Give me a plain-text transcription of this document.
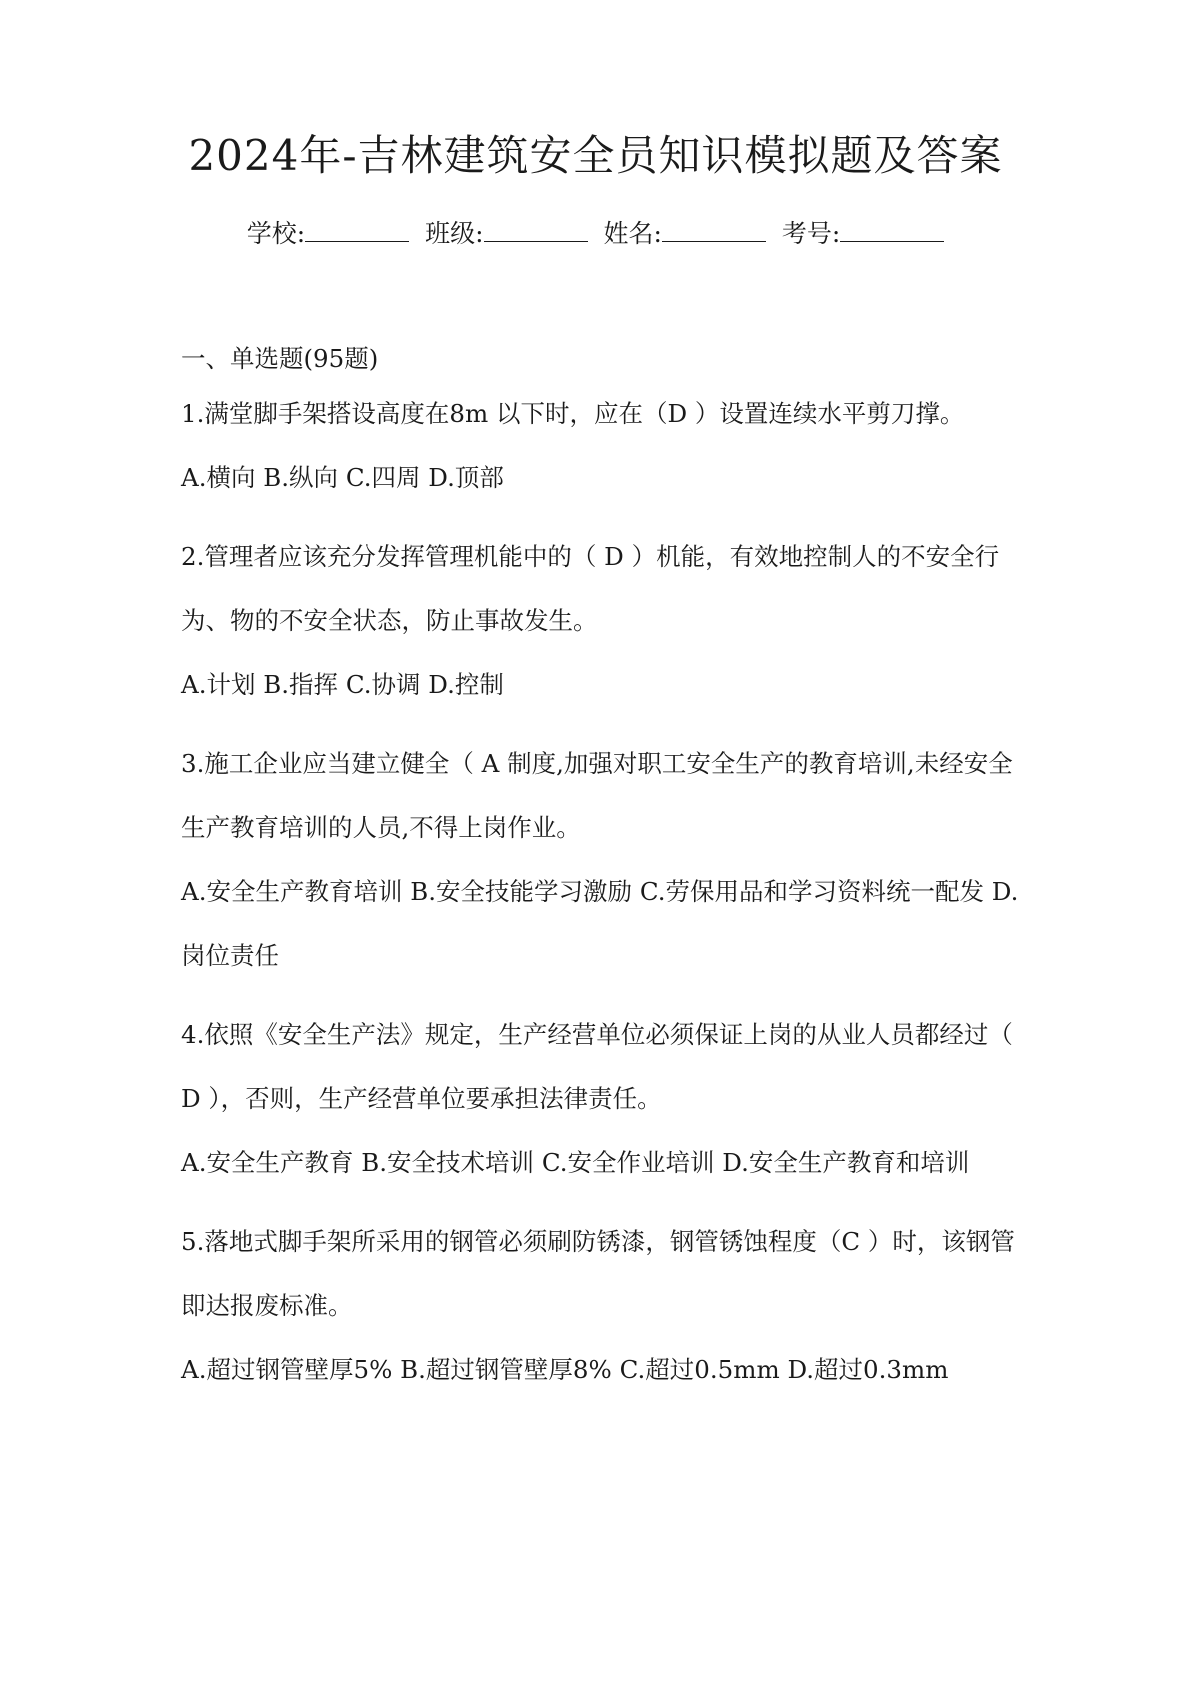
2024年-吉林建筑安全员知识模拟题及答案
学校:	班级:	姓名:	考号:
一、单选题(95题)
1.满堂脚手架搭设高度在8m 以下时，应在（D ）设置连续水平剪刀撑。
A.横向 B.纵向 C.四周 D.顶部
2.管理者应该充分发挥管理机能中的（ D ）机能，有效地控制人的不安全行为、物的不安全状态，防止事故发生。
A.计划 B.指挥 C.协调 D.控制
3.施工企业应当建立健全（ A 制度,加强对职工安全生产的教育培训,未经安全生产教育培训的人员,不得上岗作业。
A.安全生产教育培训 B.安全技能学习激励 C.劳保用品和学习资料统一配发 D.岗位责任
4.依照《安全生产法》规定，生产经营单位必须保证上岗的从业人员都经过（ D ），否则，生产经营单位要承担法律责任。
A.安全生产教育 B.安全技术培训 C.安全作业培训 D.安全生产教育和培训
5.落地式脚手架所采用的钢管必须刷防锈漆，钢管锈蚀程度（C ）时，该钢管即达报废标准。
A.超过钢管壁厚5% B.超过钢管壁厚8% C.超过0.5mm D.超过0.3mm
